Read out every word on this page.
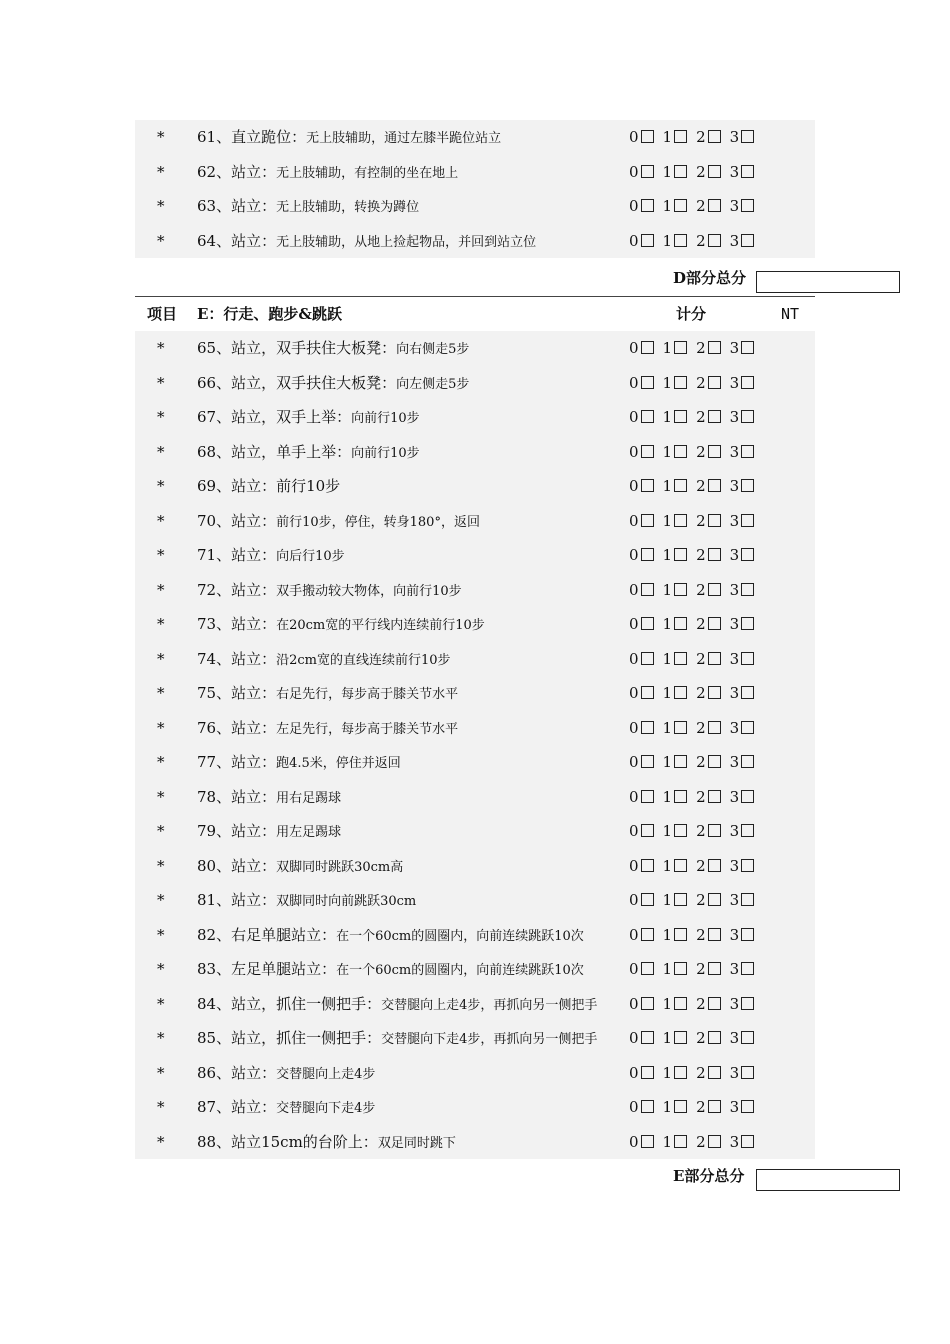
* 61、直立跪位：无上肢辅助，通过左膝半跪位站立	0 1 2 3
* 62、站立：无上肢辅助，有控制的坐在地上	0 1 2 3
* 63、站立：无上肢辅助，转换为蹲位	0 1 2 3
* 64、站立：无上肢辅助，从地上捡起物品，并回到站立位	0 1 2 3
D部分总分
项目 E：行走、跑步&跳跃	计分	NT
* 65、站立，双手扶住大板凳：向右侧走5步	0 1 2 3
* 66、站立，双手扶住大板凳：向左侧走5步	0 1 2 3
* 67、站立，双手上举：向前行10步	0 1 2 3
* 68、站立，单手上举：向前行10步	0 1 2 3
* 69、站立：前行10步	0 1 2 3
* 70、站立：前行10步，停住，转身180°，返回	0 1 2 3
* 71、站立：向后行10步	0 1 2 3
* 72、站立：双手搬动较大物体，向前行10步	0 1 2 3
* 73、站立：在20cm宽的平行线内连续前行10步	0 1 2 3
* 74、站立：沿2cm宽的直线连续前行10步	0 1 2 3
* 75、站立：右足先行，每步高于膝关节水平	0 1 2 3
* 76、站立：左足先行，每步高于膝关节水平	0 1 2 3
* 77、站立：跑4.5米，停住并返回	0 1 2 3
* 78、站立：用右足踢球	0 1 2 3
* 79、站立：用左足踢球	0 1 2 3
* 80、站立：双脚同时跳跃30cm高	0 1 2 3
* 81、站立：双脚同时向前跳跃30cm	0 1 2 3
* 82、右足单腿站立：在一个60cm的圆圈内，向前连续跳跃10次	0 1 2 3
* 83、左足单腿站立：在一个60cm的圆圈内，向前连续跳跃10次	0 1 2 3
* 84、站立，抓住一侧把手：交替腿向上走4步，再抓向另一侧把手 0 1 2 3
* 85、站立，抓住一侧把手：交替腿向下走4步，再抓向另一侧把手 0 1 2 3
* 86、站立：交替腿向上走4步	0 1 2 3
* 87、站立：交替腿向下走4步	0 1 2 3
* 88、站立15cm的台阶上：双足同时跳下	0 1 2 3
E部分总分
